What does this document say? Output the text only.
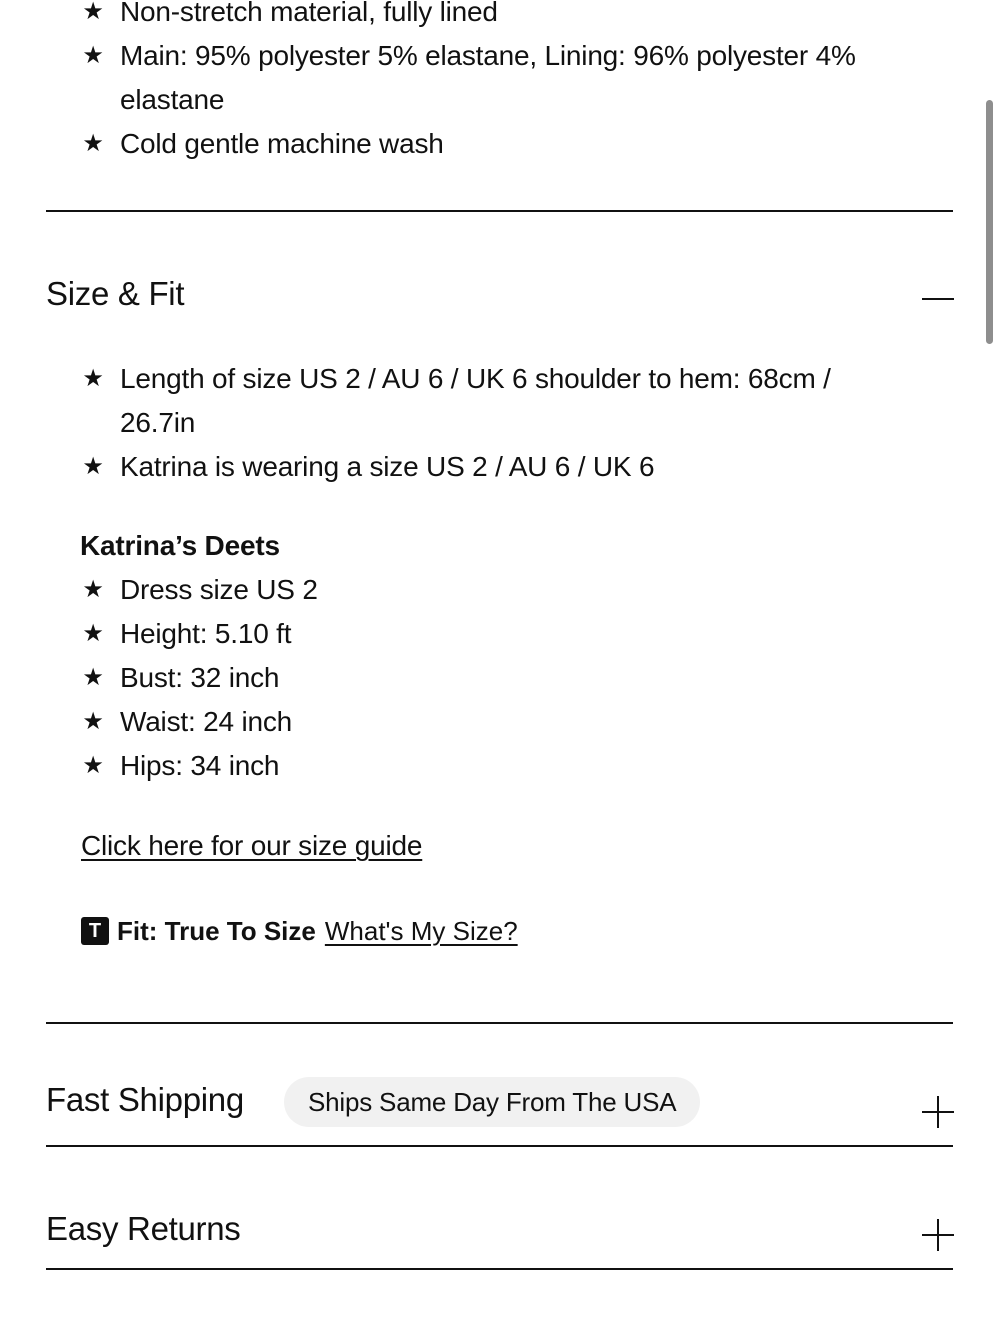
★ Non-stretch material, fully lined
★ Main: 95% polyester 5% elastane, Lining: 96% polyester 4% elastane
★ Cold gentle machine wash
Size & Fit
★ Length of size US 2 / AU 6 / UK 6 shoulder to hem: 68cm / 26.7in
★ Katrina is wearing a size US 2 / AU 6 / UK 6
Katrina’s Deets
★ Dress size US 2
★ Height: 5.10 ft
★ Bust: 32 inch
★ Waist: 24 inch
★ Hips: 34 inch
Click here for our size guide
T Fit: True To Size What's My Size?
Fast Shipping	Ships Same Day From The USA
Easy Returns
